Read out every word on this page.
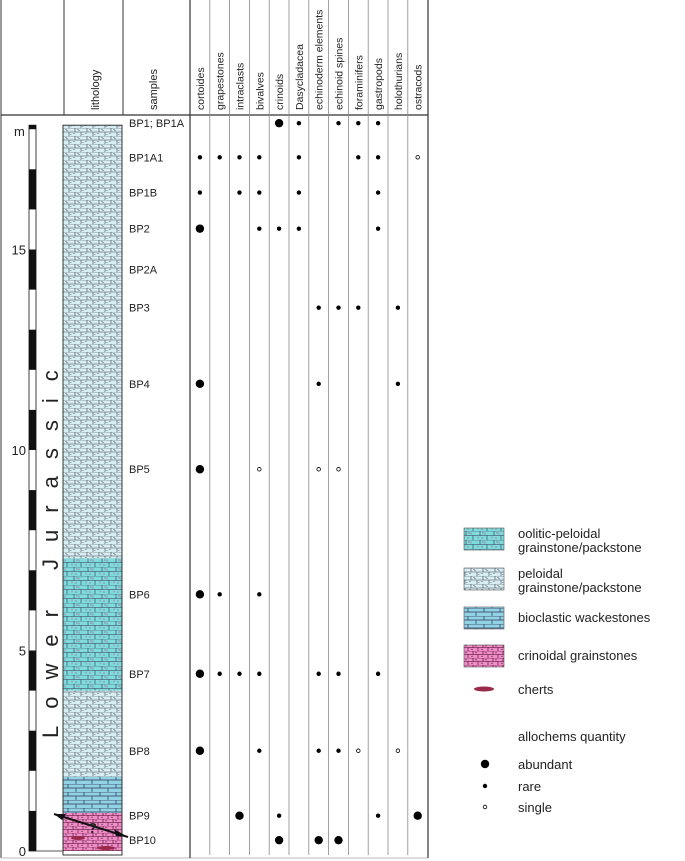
lithology	samples	cortoides grapestones intraclasts bivalves crinoids Dasycladacea echinoderm elements echinoid spines foraminifers gastropods holothurians ostracods
m
0
5
10
15
Lower Jurassic
?
BP1; BP1A
BP1A1
BP1B
BP2
BP2A
BP3
BP4
BP5
BP6
BP7
BP8
BP9
BP10
oolitic-peloidal
grainstone/packstone
peloidal
grainstone/packstone
bioclastic wackestones
crinoidal grainstones
cherts
allochems quantity
abundant
rare
single
